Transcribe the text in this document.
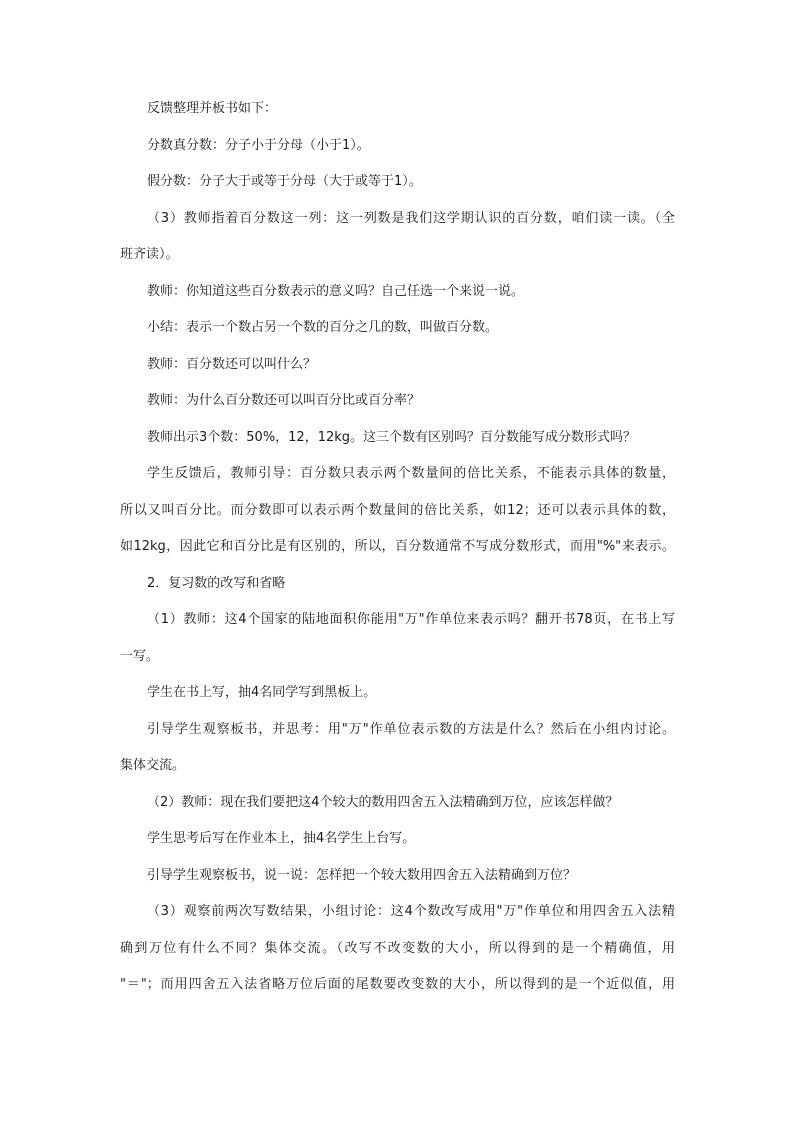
反馈整理并板书如下：
分数真分数：分子小于分母（小于1）。
假分数：分子大于或等于分母（大于或等于1）。
（3）教师指着百分数这一列：这一列数是我们这学期认识的百分数，咱们读一读。（全
班齐读）。
教师：你知道这些百分数表示的意义吗？自己任选一个来说一说。
小结：表示一个数占另一个数的百分之几的数，叫做百分数。
教师：百分数还可以叫什么？
教师：为什么百分数还可以叫百分比或百分率？
教师出示3个数：50%，12，12kg。这三个数有区别吗？百分数能写成分数形式吗？
学生反馈后，教师引导：百分数只表示两个数量间的倍比关系，不能表示具体的数量，
所以又叫百分比。而分数即可以表示两个数量间的倍比关系，如12；还可以表示具体的数，
如12kg，因此它和百分比是有区别的，所以，百分数通常不写成分数形式，而用"%"来表示。
2．复习数的改写和省略
（1）教师：这4个国家的陆地面积你能用"万"作单位来表示吗？翻开书78页，在书上写
一写。
学生在书上写，抽4名同学写到黑板上。
引导学生观察板书，并思考：用"万"作单位表示数的方法是什么？然后在小组内讨论。
集体交流。
（2）教师：现在我们要把这4个较大的数用四舍五入法精确到万位，应该怎样做？
学生思考后写在作业本上，抽4名学生上台写。
引导学生观察板书，说一说：怎样把一个较大数用四舍五入法精确到万位？
（3）观察前两次写数结果，小组讨论：这4个数改写成用"万"作单位和用四舍五入法精
确到万位有什么不同？集体交流。（改写不改变数的大小，所以得到的是一个精确值，用
"＝"；而用四舍五入法省略万位后面的尾数要改变数的大小，所以得到的是一个近似值，用
